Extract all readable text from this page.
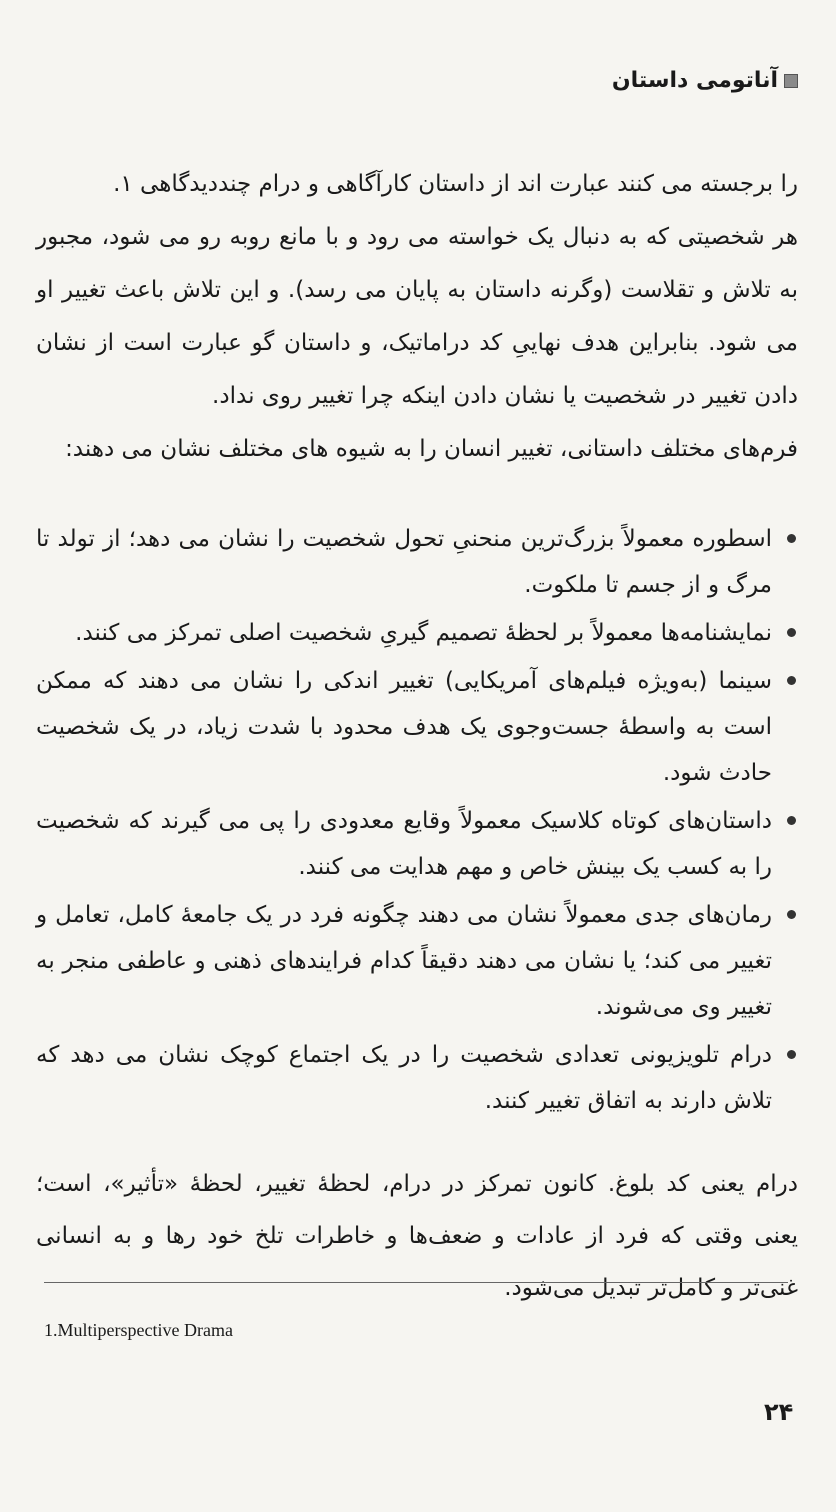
آناتومی داستان

را برجسته می کنند عبارت اند از داستان کارآگاهی و درام چنددیدگاهی ۱.

هر شخصیتی که به دنبال یک خواسته می رود و با مانع روبه رو می شود، مجبور به تلاش و تقلاست (وگرنه داستان به پایان می رسد). و این تلاش باعث تغییر او می شود. بنابراین هدف نهاییِ کد دراماتیک، و داستان گو عبارت است از نشان دادن تغییر در شخصیت یا نشان دادن اینکه چرا تغییر روی نداد.

فرم‌های مختلف داستانی، تغییر انسان را به شیوه های مختلف نشان می دهند:

اسطوره معمولاً بزرگ‌ترین منحنیِ تحول شخصیت را نشان می دهد؛ از تولد تا مرگ و از جسم تا ملکوت.
نمایشنامه‌ها معمولاً بر لحظهٔ تصمیم گیریِ شخصیت اصلی تمرکز می کنند.
سینما (به‌ویژه فیلم‌های آمریکایی) تغییر اندکی را نشان می دهند که ممکن است به واسطهٔ جست‌وجوی یک هدف محدود با شدت زیاد، در یک شخصیت حادث شود.
داستان‌های کوتاه کلاسیک معمولاً وقایع معدودی را پی می گیرند که شخصیت را به کسب یک بینش خاص و مهم هدایت می کنند.
رمان‌های جدی معمولاً نشان می دهند چگونه فرد در یک جامعهٔ کامل، تعامل و تغییر می کند؛ یا نشان می دهند دقیقاً کدام فرایندهای ذهنی و عاطفی منجر به تغییر وی می‌شوند.
درام تلویزیونی تعدادی شخصیت را در یک اجتماع کوچک نشان می دهد که تلاش دارند به اتفاق تغییر کنند.

درام یعنی کد بلوغ. کانون تمرکز در درام، لحظهٔ تغییر، لحظهٔ «تأثیر»، است؛ یعنی وقتی که فرد از عادات و ضعف‌ها و خاطرات تلخ خود رها و به انسانی غنی‌تر و کامل‌تر تبدیل می‌شود.

1.Multiperspective Drama
۲۴
